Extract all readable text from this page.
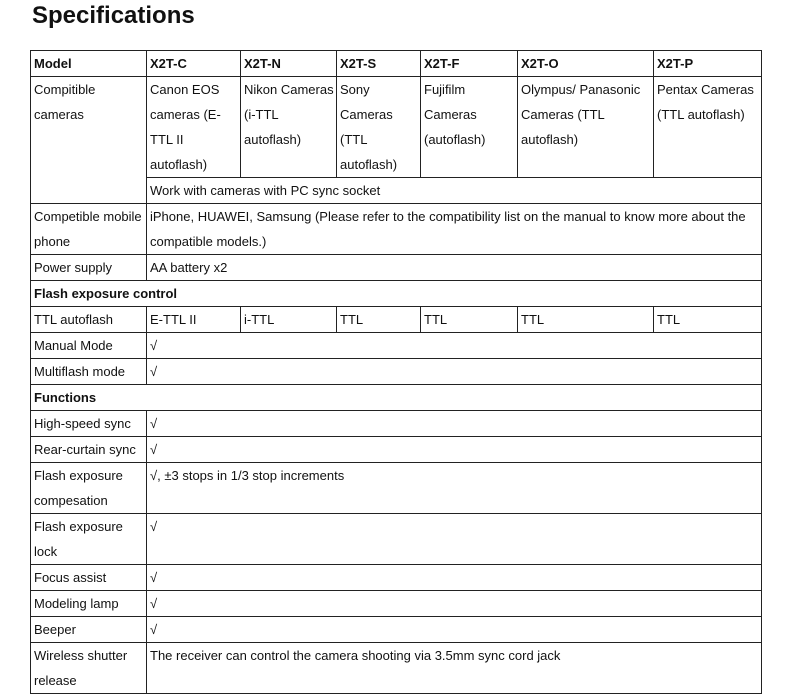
Specifications
Model	X2T-C	X2T-N	X2T-S	X2T-F	X2T-O	X2T-P
Compitible cameras	Canon EOS cameras (E-TTL II autoflash)	Nikon Cameras (i-TTL autoflash)	Sony Cameras (TTL autoflash)	Fujifilm Cameras (autoflash)	Olympus/ Panasonic Cameras (TTL autoflash)	Pentax Cameras (TTL autoflash)
	Work with cameras with PC sync socket					
Competible mobile phone	iPhone, HUAWEI, Samsung (Please refer to the compatibility list on the manual to know more about the compatible models.)					
Power supply	AA battery x2					
Flash exposure control						
TTL autoflash	E-TTL II	i-TTL	TTL	TTL	TTL	TTL
Manual Mode	√					
Multiflash mode	√					
Functions						
High-speed sync	√					
Rear-curtain sync	√					
Flash exposure compesation	√, ±3 stops in 1/3 stop increments					
Flash exposure lock	√					
Focus assist	√					
Modeling lamp	√					
Beeper	√					
Wireless shutter release	The receiver can control the camera shooting via 3.5mm sync cord jack					
